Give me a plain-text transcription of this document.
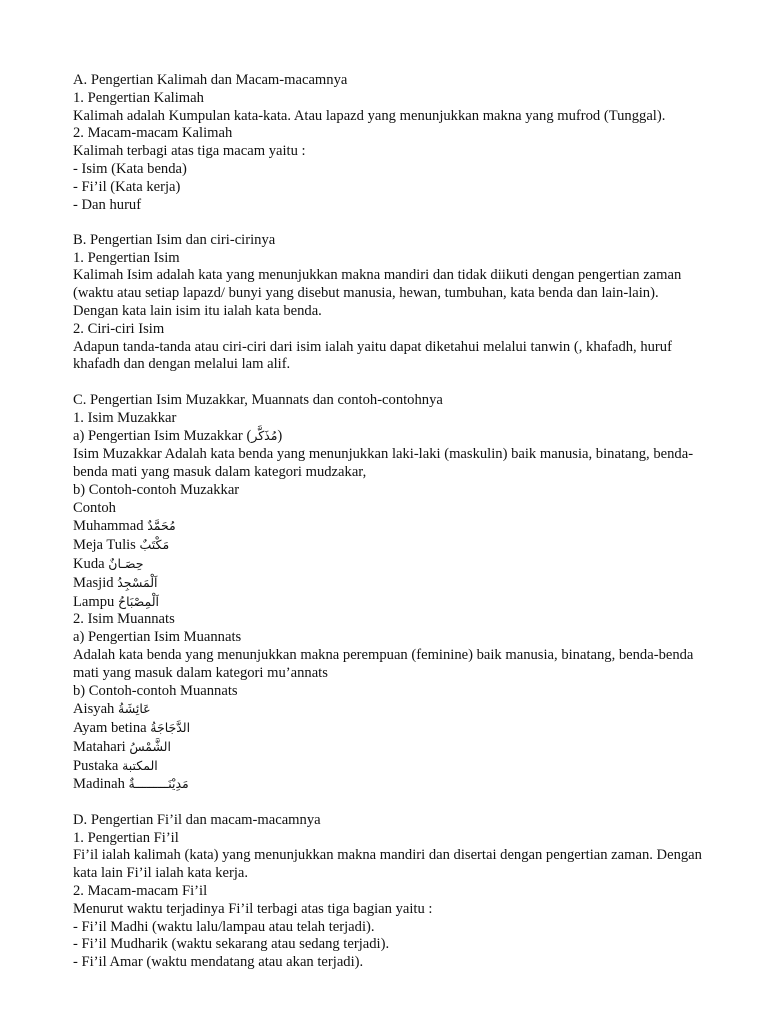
A. Pengertian Kalimah dan Macam-macamnya
1. Pengertian Kalimah
Kalimah adalah Kumpulan kata-kata. Atau lapazd yang menunjukkan makna yang mufrod (Tunggal).
2. Macam-macam Kalimah
Kalimah terbagi atas tiga macam yaitu :
- Isim (Kata benda)
- Fi’il (Kata kerja)
- Dan huruf
B. Pengertian Isim dan ciri-cirinya
1. Pengertian Isim
Kalimah Isim adalah kata yang menunjukkan makna mandiri dan tidak diikuti dengan pengertian zaman (waktu atau setiap lapazd/ bunyi yang disebut manusia, hewan, tumbuhan, kata benda dan lain-lain). Dengan kata lain isim itu ialah kata benda.
2. Ciri-ciri Isim
Adapun tanda-tanda atau ciri-ciri dari isim ialah yaitu dapat diketahui melalui tanwin (, khafadh, huruf khafadh dan dengan melalui lam alif.
C. Pengertian Isim Muzakkar, Muannats dan contoh-contohnya
1. Isim Muzakkar
a) Pengertian Isim Muzakkar (مُذَكَّر)
Isim Muzakkar Adalah kata benda yang menunjukkan laki-laki (maskulin) baik manusia, binatang, benda-benda mati yang masuk dalam kategori mudzakar,
b) Contoh-contoh Muzakkar
Contoh
Muhammad مُحَمَّدٌ
Meja Tulis مَكْتَبٌ
Kuda حِصَـانٌ
Masjid اَلْمَسْجِدُ
Lampu اَلْمِصْبَاحُ
2. Isim Muannats
a) Pengertian Isim Muannats
Adalah kata benda yang menunjukkan makna perempuan (feminine) baik manusia, binatang, benda-benda mati yang masuk dalam kategori mu’annats
b) Contoh-contoh Muannats
Aisyah عَائِشَةُ
Ayam betina الدَّجَاجَةُ
Matahari الشَّمْسُ
Pustaka المكتبة
Madinah مَدِيْنَـــــــــةٌ
D. Pengertian Fi’il dan macam-macamnya
1. Pengertian Fi’il
Fi’il ialah kalimah (kata) yang menunjukkan makna mandiri dan disertai dengan pengertian zaman. Dengan kata lain Fi’il ialah kata kerja.
2. Macam-macam Fi’il
Menurut waktu terjadinya Fi’il terbagi atas tiga bagian yaitu :
- Fi’il Madhi (waktu lalu/lampau atau telah terjadi).
- Fi’il Mudharik (waktu sekarang atau sedang terjadi).
- Fi’il Amar (waktu mendatang atau akan terjadi).
